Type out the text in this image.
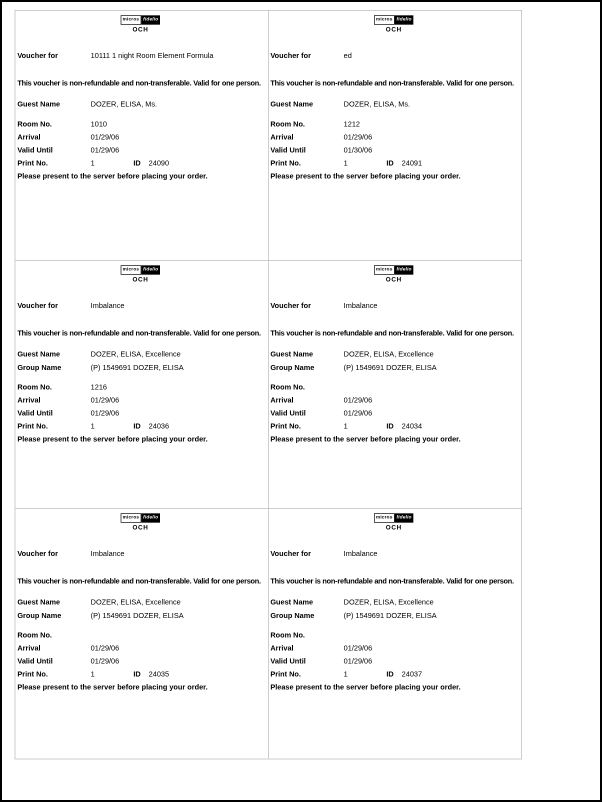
micros fidelio
OCH
Voucher for	10111 1 night Room Element Formula

This voucher is non-refundable and non-transferable. Valid for one person.

Guest Name	DOZER, ELISA, Ms.
Room No.	1010
Arrival	01/29/06
Valid Until	01/29/06
Print No.	1	ID 24090

Please present to the server before placing your order.

micros fidelio
OCH
Voucher for	ed

This voucher is non-refundable and non-transferable. Valid for one person.

Guest Name	DOZER, ELISA, Ms.
Room No.	1212
Arrival	01/29/06
Valid Until	01/30/06
Print No.	1	ID 24091

Please present to the server before placing your order.

micros fidelio
OCH
Voucher for	Imbalance

This voucher is non-refundable and non-transferable. Valid for one person.

Guest Name	DOZER, ELISA, Excellence
Group Name	(P) 1549691 DOZER, ELISA
Room No.	1216
Arrival	01/29/06
Valid Until	01/29/06
Print No.	1	ID 24036

Please present to the server before placing your order.

micros fidelio
OCH
Voucher for	Imbalance

This voucher is non-refundable and non-transferable. Valid for one person.

Guest Name	DOZER, ELISA, Excellence
Group Name	(P) 1549691 DOZER, ELISA
Room No.
Arrival	01/29/06
Valid Until	01/29/06
Print No.	1	ID 24034

Please present to the server before placing your order.

micros fidelio
OCH
Voucher for	Imbalance

This voucher is non-refundable and non-transferable. Valid for one person.

Guest Name	DOZER, ELISA, Excellence
Group Name	(P) 1549691 DOZER, ELISA
Room No.
Arrival	01/29/06
Valid Until	01/29/06
Print No.	1	ID 24035

Please present to the server before placing your order.

micros fidelio
OCH
Voucher for	Imbalance

This voucher is non-refundable and non-transferable. Valid for one person.

Guest Name	DOZER, ELISA, Excellence
Group Name	(P) 1549691 DOZER, ELISA
Room No.
Arrival	01/29/06
Valid Until	01/29/06
Print No.	1	ID 24037

Please present to the server before placing your order.
